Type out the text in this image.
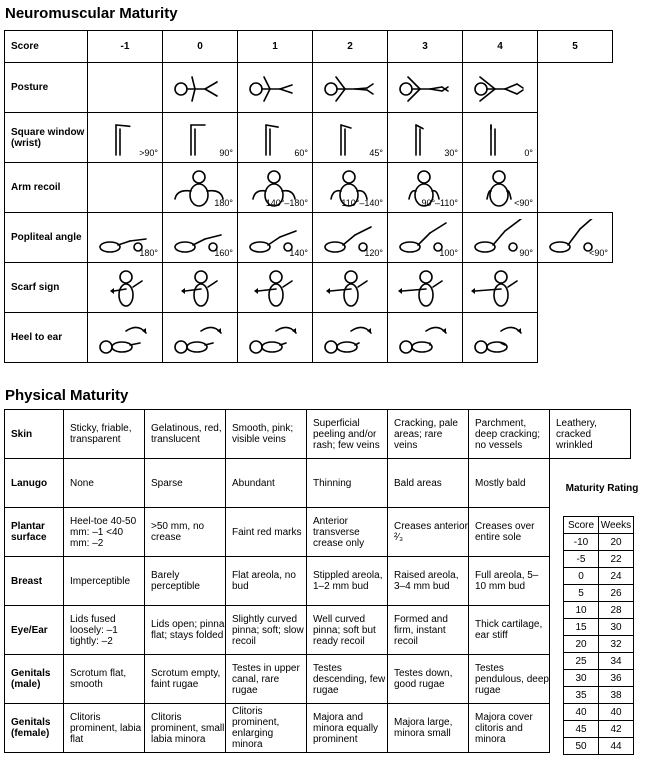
Neuromuscular Maturity
Score	-1	0	1	2	3	4	5
Posture		

Square window (wrist)	>90°	90°	60°	45°	30°	0°	

Arm recoil		180°	140°–180°	110°–140°	90°–110°	<90°	

Popliteal angle	180°	160°	140°	120°	100°	90°	<90°

Scarf sign	

Heel to ear	

Physical Maturity
Skin	Sticky, friable, transparent	Gelatinous, red, translucent	Smooth, pink; visible veins	Superficial peeling and/or rash; few veins	Cracking, pale areas; rare veins	Parchment, deep cracking; no vessels	Leathery, cracked wrinkled
Lanugo	None	Sparse	Abundant	Thinning	Bald areas	Mostly bald	
Plantar surface	Heel-toe 40-50 mm: –1 <40 mm: –2	>50 mm, no crease	Faint red marks	Anterior transverse crease only	Creases anterior ²⁄₃	Creases over entire sole	
Breast	Imperceptible	Barely perceptible	Flat areola, no bud	Stippled areola, 1–2 mm bud	Raised areola, 3–4 mm bud	Full areola, 5–10 mm bud	
Eye/Ear	Lids fused loosely: –1 tightly: –2	Lids open; pinna flat; stays folded	Slightly curved pinna; soft; slow recoil	Well curved pinna; soft but ready recoil	Formed and firm, instant recoil	Thick cartilage, ear stiff	
Genitals (male)	Scrotum flat, smooth	Scrotum empty, faint rugae	Testes in upper canal, rare rugae	Testes descending, few rugae	Testes down, good rugae	Testes pendulous, deep rugae	
Genitals (female)	Clitoris prominent, labia flat	Clitoris prominent, small labia minora	Clitoris prominent, enlarging minora	Majora and minora equally prominent	Majora large, minora small	Majora cover clitoris and minora	
Maturity Rating
Score	Weeks
-10	20
-5	22
0	24
5	26
10	28
15	30
20	32
25	34
30	36
35	38
40	40
45	42
50	44
